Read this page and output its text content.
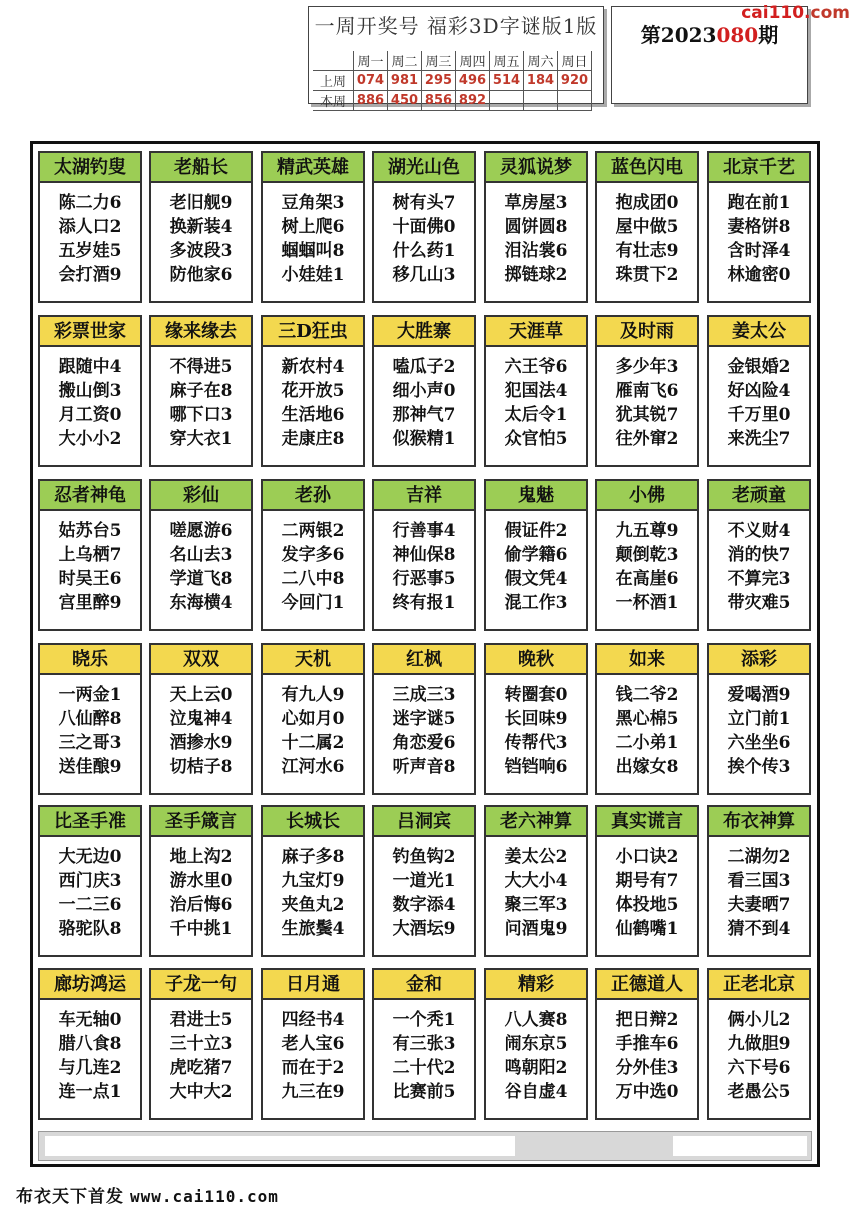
一周开奖号 福彩3D字谜版1版
	周一	周二	周三	周四	周五	周六	周日
上周	074	981	295	496	514	184	920
本周	886	450	856	892			
第2023080期
cai110.com
太湖钓叟
陈二力6
添人口2
五岁娃5
会打酒9
老船长
老旧舰9
换新装4
多波段3
防他家6
精武英雄
豆角架3
树上爬6
蝈蝈叫8
小娃娃1
湖光山色
树有头7
十面佛0
什么药1
移几山3
灵狐说梦
草房屋3
圆饼圆8
泪沾裳6
掷链球2
蓝色闪电
抱成团0
屋中做5
有壮志9
珠贯下2
北京千艺
跑在前1
妻格饼8
含时泽4
林逾密0
彩票世家
跟随中4
搬山倒3
月工资0
大小小2
缘来缘去
不得进5
麻子在8
哪下口3
穿大衣1
三D狂虫
新农村4
花开放5
生活地6
走康庄8
大胜寨
嗑瓜子2
细小声0
那神气7
似猴精1
天涯草
六王爷6
犯国法4
太后令1
众官怕5
及时雨
多少年3
雁南飞6
犹其锐7
往外窜2
姜太公
金银婚2
好凶险4
千万里0
来洗尘7
忍者神龟
姑苏台5
上乌栖7
时吴王6
宫里醉9
彩仙
嗟愿游6
名山去3
学道飞8
东海横4
老孙
二两银2
发字多6
二八中8
今回门1
吉祥
行善事4
神仙保8
行恶事5
终有报1
鬼魅
假证件2
偷学籍6
假文凭4
混工作3
小佛
九五尊9
颠倒乾3
在高崖6
一杯酒1
老顽童
不义财4
消的快7
不算完3
带灾难5
晓乐
一两金1
八仙醉8
三之哥3
送佳酿9
双双
天上云0
泣鬼神4
酒掺水9
切桔子8
天机
有九人9
心如月0
十二属2
江河水6
红枫
三成三3
迷字谜5
角恋爱6
听声音8
晚秋
转圈套0
长回味9
传帮代3
铛铛响6
如来
钱二爷2
黑心棉5
二小弟1
出嫁女8
添彩
爱喝酒9
立门前1
六坐坐6
挨个传3
比圣手准
大无边0
西门庆3
一二三6
骆驼队8
圣手箴言
地上沟2
游水里0
治后悔6
千中挑1
长城长
麻子多8
九宝灯9
夹鱼丸2
生旅鬓4
吕洞宾
钓鱼钩2
一道光1
数字添4
大酒坛9
老六神算
姜太公2
大大小4
聚三军3
问酒鬼9
真实谎言
小口诀2
期号有7
体投地5
仙鹤嘴1
布衣神算
二湖勿2
看三国3
夫妻晒7
猜不到4
廊坊鸿运
车无轴0
腊八食8
与几连2
连一点1
子龙一句
君进士5
三十立3
虎吃猪7
大中大2
日月通
四经书4
老人宝6
而在于2
九三在9
金和
一个秃1
有三张3
二十代2
比赛前5
精彩
八人赛8
闹东京5
鸣朝阳2
谷自虚4
正德道人
把日辩2
手推车6
分外佳3
万中选0
正老北京
俩小儿2
九做胆9
六下号6
老愚公5
布衣天下首发 www.cai110.com
